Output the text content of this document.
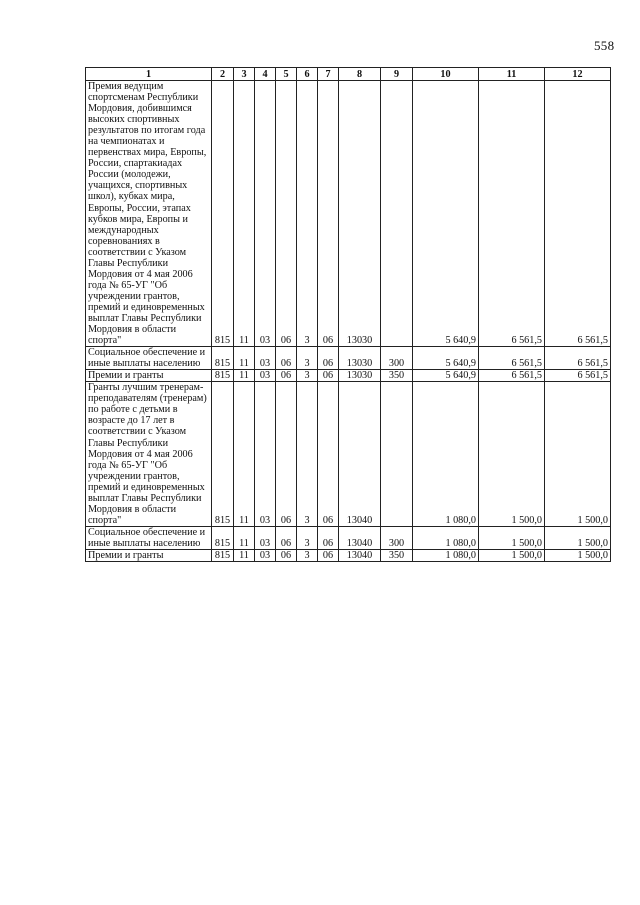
558
1	2	3	4	5	6	7	8	9	10	11	12
Премия ведущим спортсменам Республики Мордовия, добившимся высоких спортивных результатов по итогам года на чемпионатах и первенствах мира, Европы, России, спартакиадах России (молодежи, учащихся, спортивных школ), кубках мира, Европы, России, этапах кубков мира, Европы и международных соревнованиях в соответствии с Указом Главы Республики Мордовия от 4 мая 2006 года № 65-УГ "Об учреждении грантов, премий и единовременных выплат Главы Республики Мордовия в области спорта"	815	11	03	06	3	06	13030		5 640,9	6 561,5	6 561,5
Социальное обеспечение и иные выплаты населению	815	11	03	06	3	06	13030	300	5 640,9	6 561,5	6 561,5
Премии и гранты	815	11	03	06	3	06	13030	350	5 640,9	6 561,5	6 561,5
Гранты лучшим тренерам-преподавателям (тренерам) по работе с детьми в возрасте до 17 лет в соответствии с Указом Главы Республики Мордовия от 4 мая 2006 года № 65-УГ "Об учреждении грантов, премий и единовременных выплат Главы Республики Мордовия в области спорта"	815	11	03	06	3	06	13040		1 080,0	1 500,0	1 500,0
Социальное обеспечение и иные выплаты населению	815	11	03	06	3	06	13040	300	1 080,0	1 500,0	1 500,0
Премии и гранты	815	11	03	06	3	06	13040	350	1 080,0	1 500,0	1 500,0
